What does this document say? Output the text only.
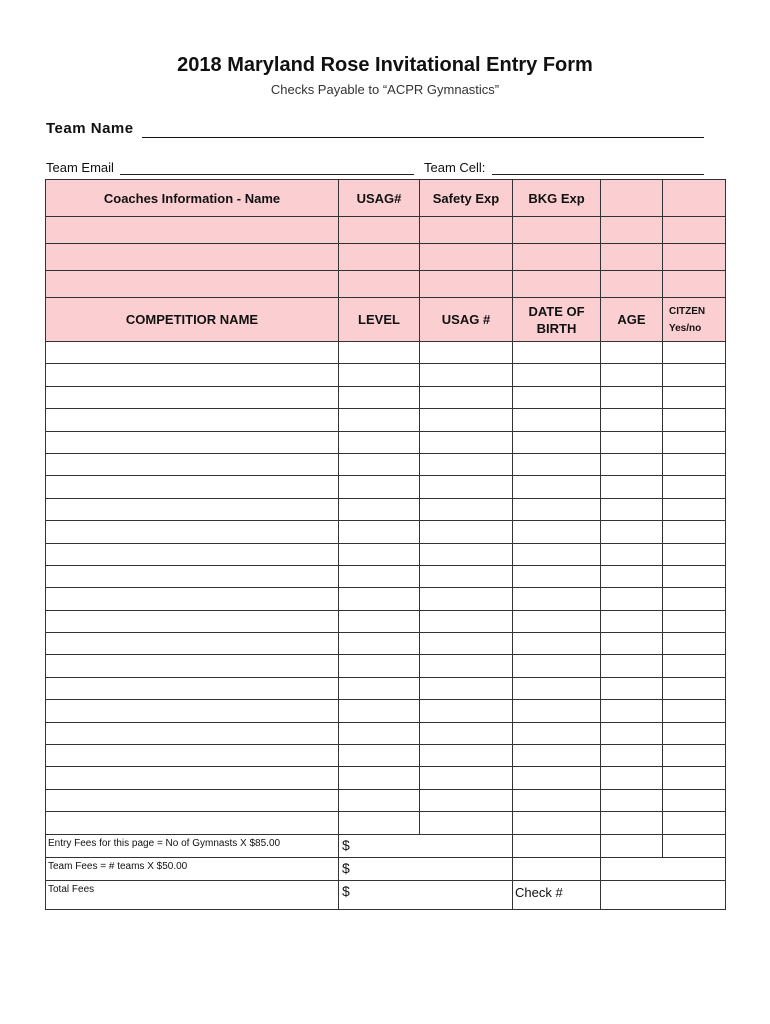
2018 Maryland Rose Invitational Entry Form
Checks Payable to “ACPR Gymnastics”
Team Name
Team Email	Team Cell:
Coaches Information - Name	USAG#	Safety Exp	BKG Exp		

COMPETITIOR NAME	LEVEL	USAG #	DATE OF BIRTH	AGE	CITZEN Yes/no

Entry Fees for this page = No of Gymnasts X $85.00	$				
Team Fees = # teams X $50.00	$				
Total Fees	$		Check #		
